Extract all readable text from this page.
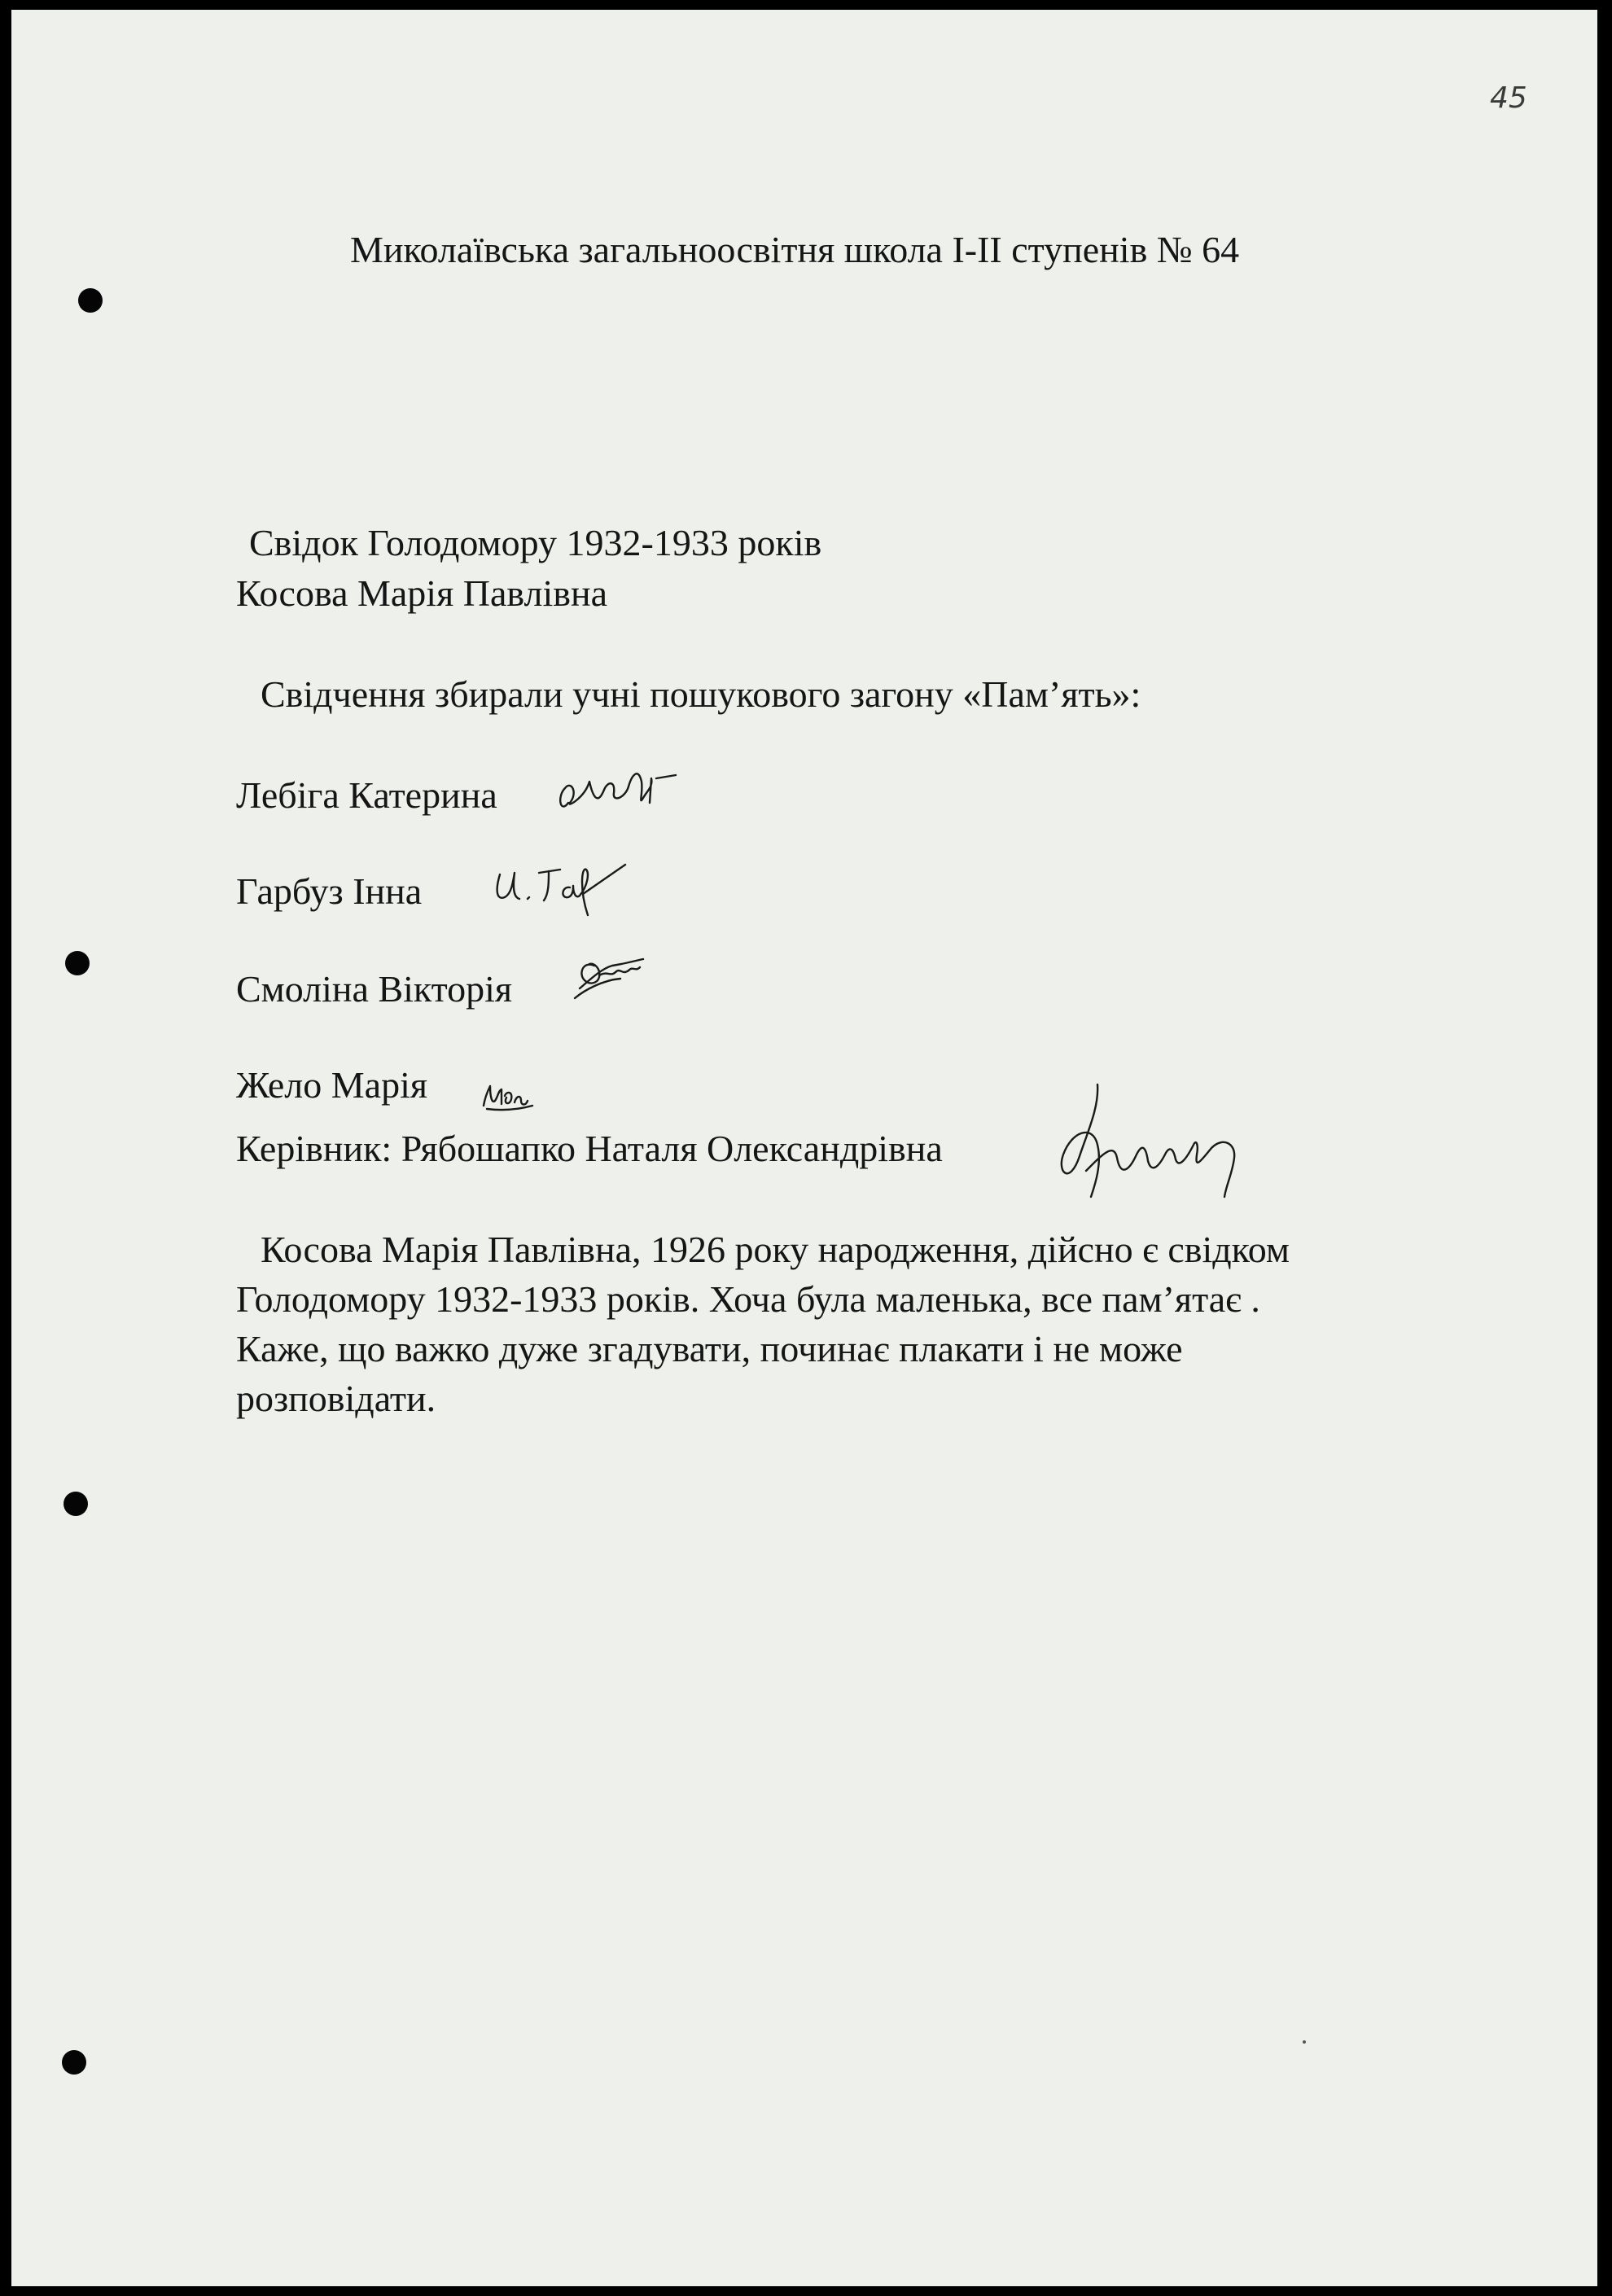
45
Миколаївська загальноосвітня школа І-ІІ ступенів № 64
Свідок Голодомору 1932-1933 років
Косова Марія Павлівна
Свідчення збирали учні пошукового загону «Пам’ять»:
Лебіга Катерина
Гарбуз Інна
Смоліна Вікторія
Жело Марія
Керівник: Рябошапко Наталя Олександрівна
Косова Марія Павлівна, 1926 року народження, дійсно є свідком
Голодомору 1932-1933 років. Хоча була маленька, все пам’ятає .
Каже, що важко дуже згадувати, починає плакати і не може
розповідати.
